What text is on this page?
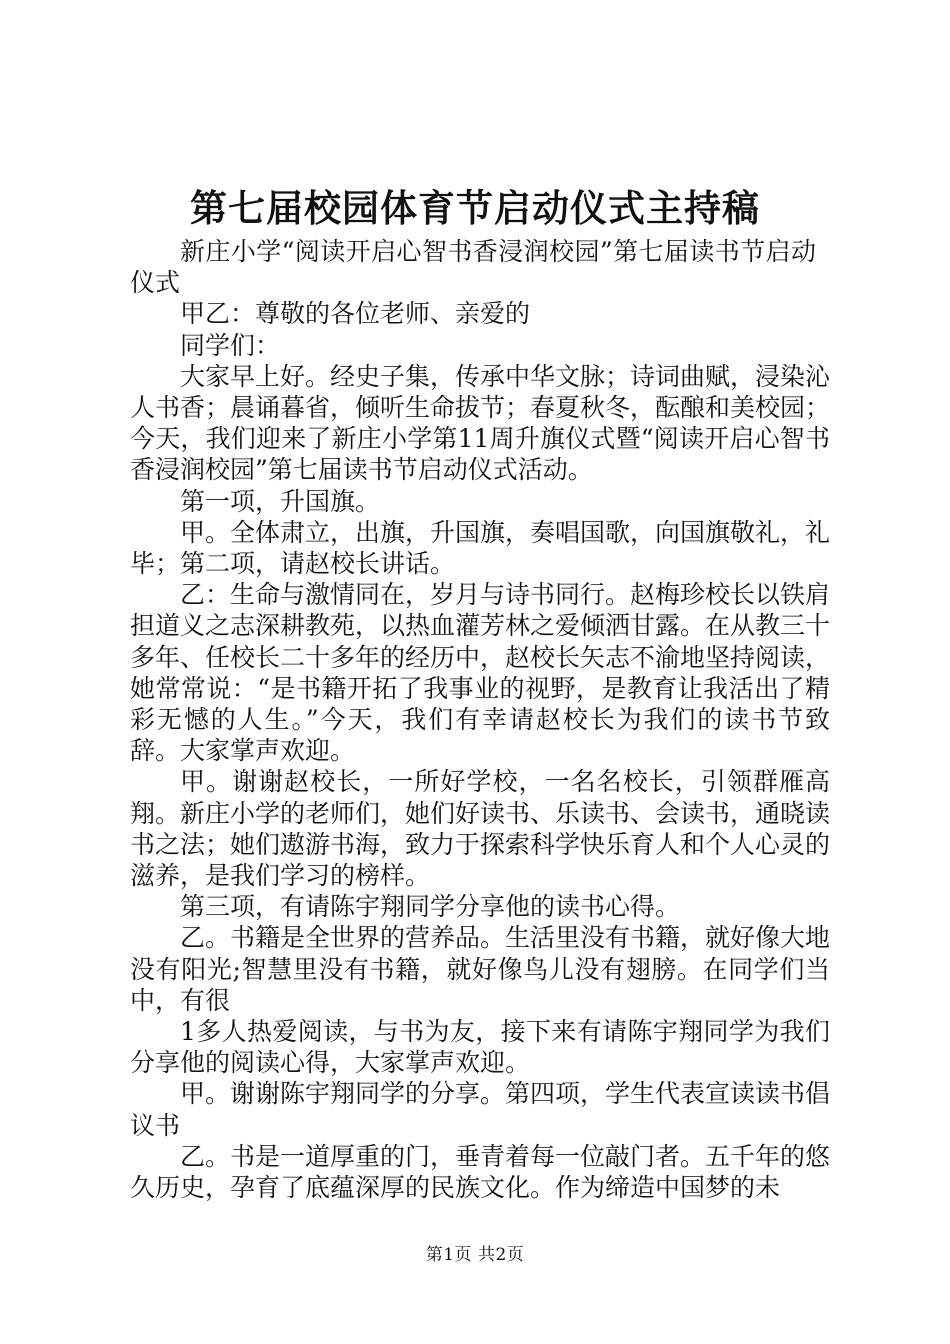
第七届校园体育节启动仪式主持稿

新庄小学“阅读开启心智书香浸润校园”第七届读书节启动仪式

甲乙：尊敬的各位老师、亲爱的

同学们：

大家早上好。经史子集，传承中华文脉；诗词曲赋，浸染沁人书香；晨诵暮省，倾听生命拔节；春夏秋冬，酝酿和美校园；今天，我们迎来了新庄小学第11周升旗仪式暨“阅读开启心智书香浸润校园”第七届读书节启动仪式活动。

第一项，升国旗。

甲。全体肃立，出旗，升国旗，奏唱国歌，向国旗敬礼，礼毕；第二项，请赵校长讲话。

乙：生命与激情同在，岁月与诗书同行。赵梅珍校长以铁肩担道义之志深耕教苑，以热血灌芳林之爱倾洒甘露。在从教三十多年、任校长二十多年的经历中，赵校长矢志不渝地坚持阅读，她常常说：“是书籍开拓了我事业的视野，是教育让我活出了精彩无憾的人生。”今天，我们有幸请赵校长为我们的读书节致辞。大家掌声欢迎。

甲。谢谢赵校长，一所好学校，一名名校长，引领群雁高翔。新庄小学的老师们，她们好读书、乐读书、会读书，通晓读书之法；她们遨游书海，致力于探索科学快乐育人和个人心灵的滋养，是我们学习的榜样。

第三项，有请陈宇翔同学分享他的读书心得。

乙。书籍是全世界的营养品。生活里没有书籍，就好像大地没有阳光;智慧里没有书籍，就好像鸟儿没有翅膀。在同学们当中，有很

1多人热爱阅读，与书为友，接下来有请陈宇翔同学为我们分享他的阅读心得，大家掌声欢迎。

甲。谢谢陈宇翔同学的分享。第四项，学生代表宣读读书倡议书

乙。书是一道厚重的门，垂青着每一位敲门者。五千年的悠久历史，孕育了底蕴深厚的民族文化。作为缔造中国梦的未

第1页 共2页
